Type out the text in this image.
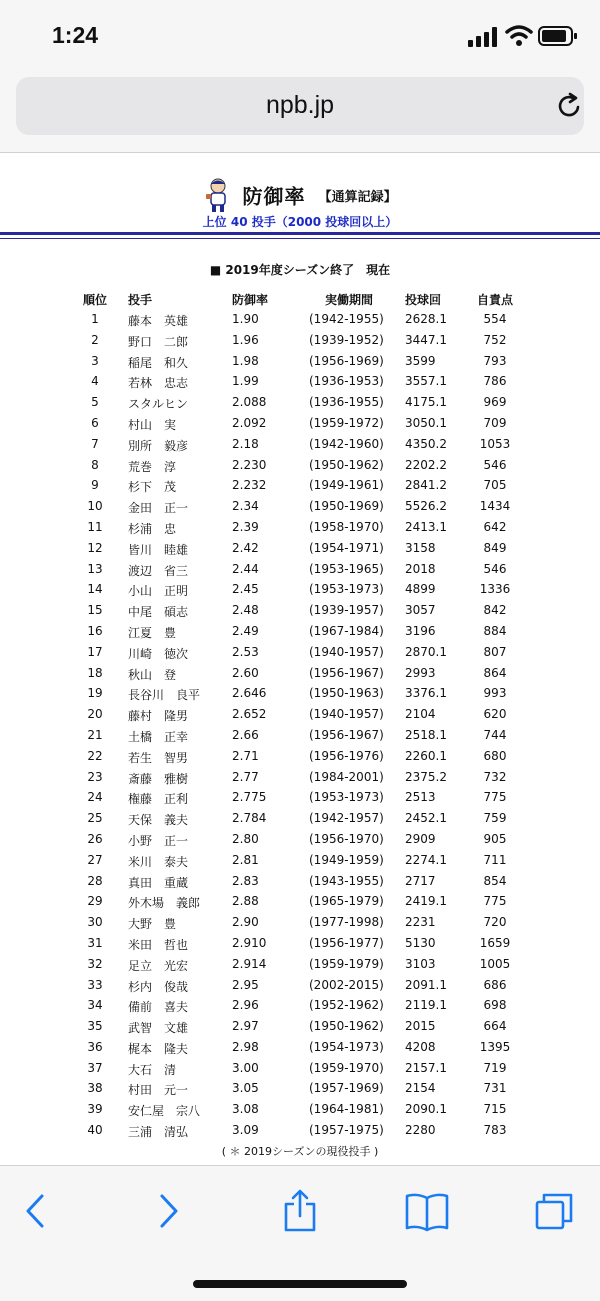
1:24
npb.jp
防御率 【通算記録】
上位 40 投手（2000 投球回以上）
■ 2019年度シーズン終了　現在
順位 投手	防御率	実働期間	投球回	自責点
1	藤本　英雄	1.90	(1942-1955) 2628.1	554
2	野口　二郎	1.96	(1939-1952) 3447.1	752
3	稲尾　和久	1.98	(1956-1969) 3599	793
4	若林　忠志	1.99	(1936-1953) 3557.1	786
5	スタルヒン	2.088	(1936-1955) 4175.1	969
6	村山　実	2.092	(1959-1972) 3050.1	709
7	別所　毅彦	2.18	(1942-1960) 4350.2	1053
8	荒巻　淳	2.230	(1950-1962) 2202.2	546
9	杉下　茂	2.232	(1949-1961) 2841.2	705
10	金田　正一	2.34	(1950-1969) 5526.2	1434
11	杉浦　忠	2.39	(1958-1970) 2413.1	642
12	皆川　睦雄	2.42	(1954-1971) 3158	849
13	渡辺　省三	2.44	(1953-1965) 2018	546
14	小山　正明	2.45	(1953-1973) 4899	1336
15	中尾　碩志	2.48	(1939-1957) 3057	842
16	江夏　豊	2.49	(1967-1984) 3196	884
17	川崎　徳次	2.53	(1940-1957) 2870.1	807
18	秋山　登	2.60	(1956-1967) 2993	864
19	長谷川　良平	2.646	(1950-1963) 3376.1	993
20	藤村　隆男	2.652	(1940-1957) 2104	620
21	土橋　正幸	2.66	(1956-1967) 2518.1	744
22	若生　智男	2.71	(1956-1976) 2260.1	680
23	斎藤　雅樹	2.77	(1984-2001) 2375.2	732
24	権藤　正利	2.775	(1953-1973) 2513	775
25	天保　義夫	2.784	(1942-1957) 2452.1	759
26	小野　正一	2.80	(1956-1970) 2909	905
27	米川　泰夫	2.81	(1949-1959) 2274.1	711
28	真田　重蔵	2.83	(1943-1955) 2717	854
29	外木場　義郎	2.88	(1965-1979) 2419.1	775
30	大野　豊	2.90	(1977-1998) 2231	720
31	米田　哲也	2.910	(1956-1977) 5130	1659
32	足立　光宏	2.914	(1959-1979) 3103	1005
33	杉内　俊哉	2.95	(2002-2015) 2091.1	686
34	備前　喜夫	2.96	(1952-1962) 2119.1	698
35	武智　文雄	2.97	(1950-1962) 2015	664
36	梶本　隆夫	2.98	(1954-1973) 4208	1395
37	大石　清	3.00	(1959-1970) 2157.1	719
38	村田　元一	3.05	(1957-1969) 2154	731
39	安仁屋　宗八	3.08	(1964-1981) 2090.1	715
40	三浦　清弘	3.09	(1957-1975) 2280	783
( ＊ 2019シーズンの現役投手 )
